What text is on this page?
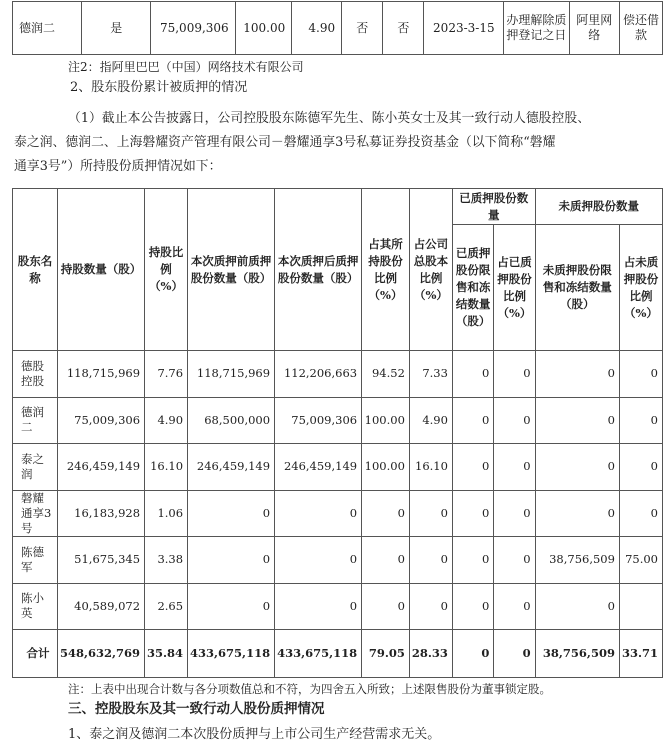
德润二	是	75,009,306	100.00	4.90	否	否	2023-3-15	办理解除质押登记之日	阿里网络	偿还借款
注2：指阿里巴巴（中国）网络技术有限公司
2、股东股份累计被质押的情况
（1）截止本公告披露日，公司控股股东陈德军先生、陈小英女士及其一致行动人德股控股、
泰之润、德润二、上海磐耀资产管理有限公司－磐耀通享3号私募证券投资基金（以下简称“磐耀
通享3号”）所持股份质押情况如下：
股东名称	持股数量（股）	持股比例（%）	本次质押前质押股份数量（股）	本次质押后质押股份数量（股）	占其所持股份比例（%）	占公司总股本比例（%）	已质押股份数量		未质押股份数量	
							已质押股份限售和冻结数量（股）	占已质押股份比例（%）	未质押股份限售和冻结数量（股）	占未质押股份比例（%）
德股控股	118,715,969	7.76	118,715,969	112,206,663	94.52	7.33	0	0	0	0
德润二	75,009,306	4.90	68,500,000	75,009,306	100.00	4.90	0	0	0	0
泰之润	246,459,149	16.10	246,459,149	246,459,149	100.00	16.10	0	0	0	0
磐耀通享3号	16,183,928	1.06	0	0	0	0	0	0	0	0
陈德军	51,675,345	3.38	0	0	0	0	0	0	38,756,509	75.00
陈小英	40,589,072	2.65	0	0	0	0	0	0	0	
合计	548,632,769	35.84	433,675,118	433,675,118	79.05	28.33	0	0	38,756,509	33.71
注：上表中出现合计数与各分项数值总和不符，为四舍五入所致；上述限售股份为董事锁定股。
三、控股股东及其一致行动人股份质押情况
1、泰之润及德润二本次股份质押与上市公司生产经营需求无关。
